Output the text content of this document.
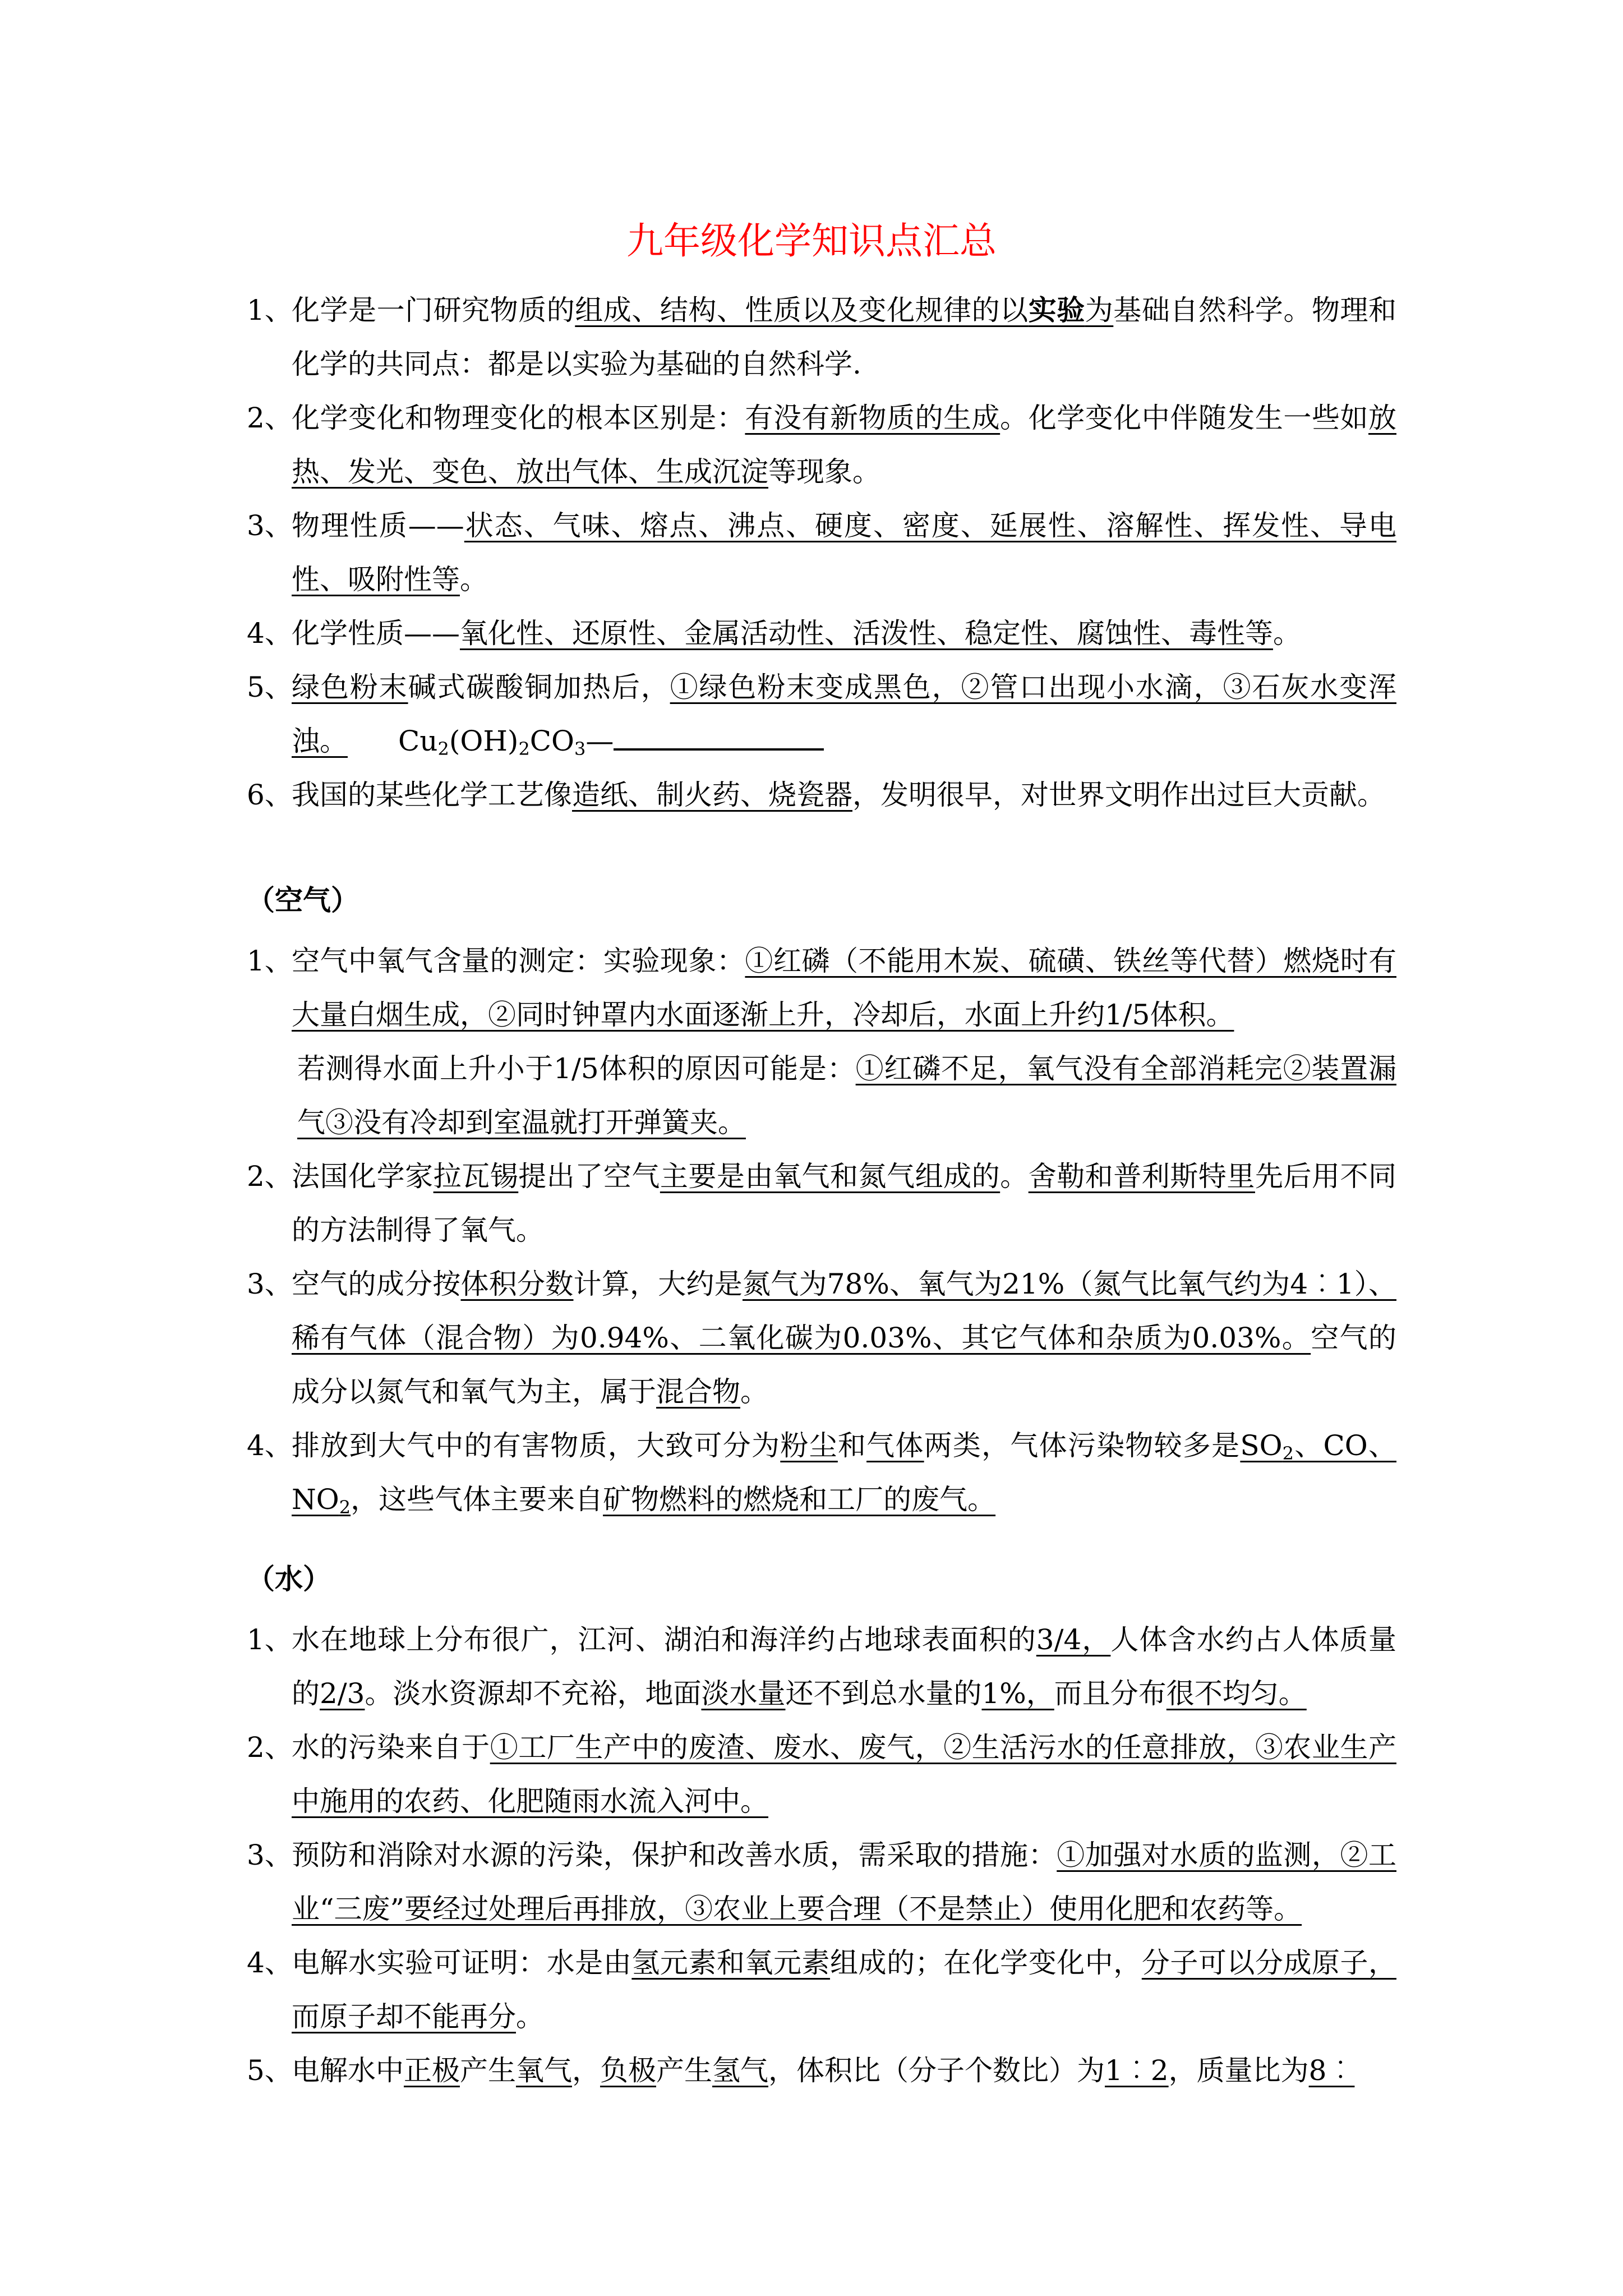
九年级化学知识点汇总
1、
化学是一门研究物质的组成、结构、性质以及变化规律的以实验为基础自然科学。物理和化学的共同点：都是以实验为基础的自然科学.
2、
化学变化和物理变化的根本区别是：有没有新物质的生成。化学变化中伴随发生一些如放热、发光、变色、放出气体、生成沉淀等现象。
3、
物理性质——状态、气味、熔点、沸点、硬度、密度、延展性、溶解性、挥发性、导电性、吸附性等。
4、
化学性质——氧化性、还原性、金属活动性、活泼性、稳定性、腐蚀性、毒性等。
5、
绿色粉末碱式碳酸铜加热后，①绿色粉末变成黑色，②管口出现小水滴，③石灰水变浑浊。 $Cu_2(OH)_2CO_3—$
6、
我国的某些化学工艺像造纸、制火药、烧瓷器，发明很早，对世界文明作出过巨大贡献。
（空气）
1、
空气中氧气含量的测定：实验现象：①红磷（不能用木炭、硫磺、铁丝等代替）燃烧时有大量白烟生成，②同时钟罩内水面逐渐上升，冷却后，水面上升约1/5体积。
2、
法国化学家拉瓦锡提出了空气主要是由氧气和氮气组成的。舍勒和普利斯特里先后用不同的方法制得了氧气。
3、
空气的成分按体积分数计算，大约是氮气为78%、氧气为21%（氮气比氧气约为4︰1）、稀有气体（混合物）为0.94%、二氧化碳为0.03%、其它气体和杂质为0.03%。空气的成分以氮气和氧气为主，属于混合物。
4、
排放到大气中的有害物质，大致可分为粉尘和气体两类，气体污染物较多是$SO_2$、CO、$NO_2$，这些气体主要来自矿物燃料的燃烧和工厂的废气。
若测得水面上升小于1/5体积的原因可能是：①红磷不足，氧气没有全部消耗完②装置漏气③没有冷却到室温就打开弹簧夹。
（水）
1、
水在地球上分布很广，江河、湖泊和海洋约占地球表面积的3/4，人体含水约占人体质量的2/3。淡水资源却不充裕，地面淡水量还不到总水量的1%，而且分布很不均匀。
2、
水的污染来自于①工厂生产中的废渣、废水、废气，②生活污水的任意排放，③农业生产中施用的农药、化肥随雨水流入河中。
3、
预防和消除对水源的污染，保护和改善水质，需采取的措施：①加强对水质的监测，②工业“三废”要经过处理后再排放，③农业上要合理（不是禁止）使用化肥和农药等。
4、
电解水实验可证明：水是由氢元素和氧元素组成的；在化学变化中，分子可以分成原子，而原子却不能再分。
5、
电解水中正极产生氧气，负极产生氢气，体积比（分子个数比）为1︰2，质量比为8︰
